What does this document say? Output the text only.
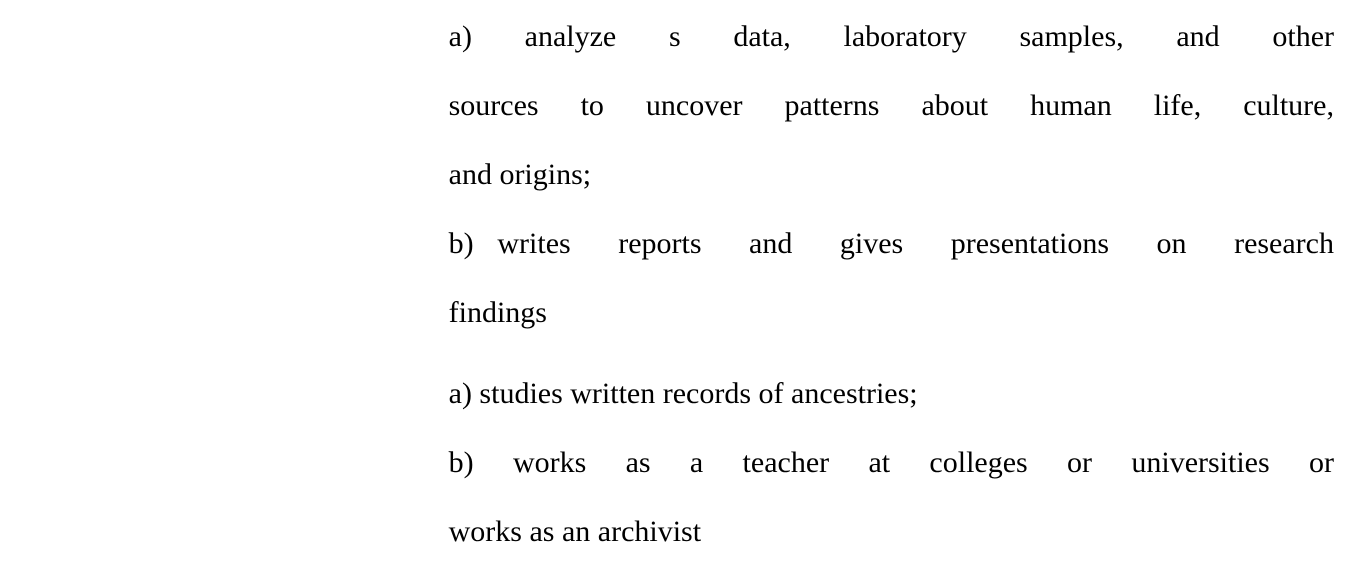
	a)  analyze  s  data,  laboratory  samples,  and  other

sources to uncover patterns about human life, culture,

and origins;

b) writes  reports  and  gives  presentations  on  research

findings

	a) studies written records of ancestries;

b)  works  as  a  teacher  at  colleges  or  universities  or

works as an archivist
